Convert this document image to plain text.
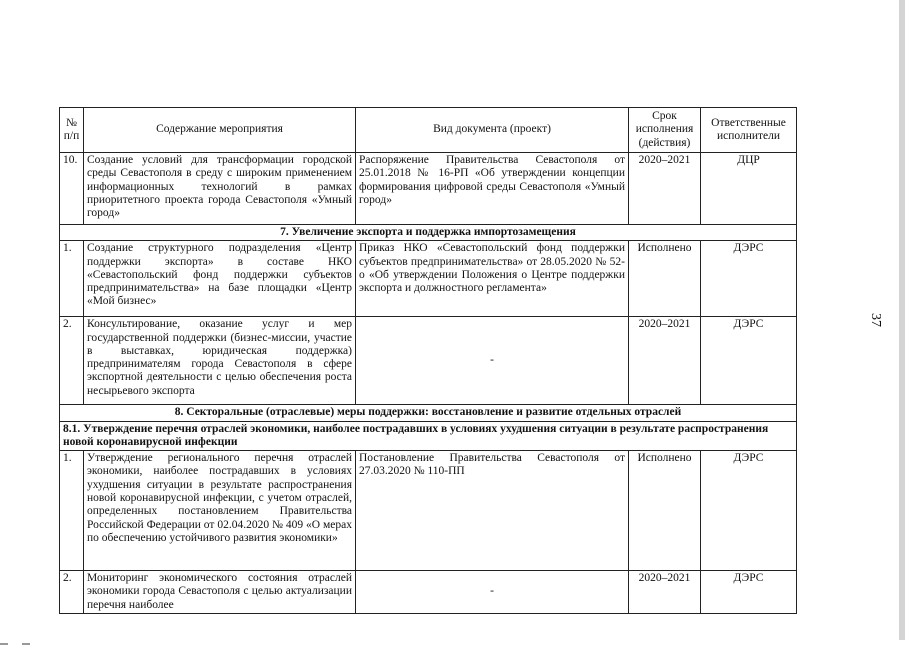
37
№
п/п	Содержание мероприятия	Вид документа (проект)	Срок исполнения (действия)	Ответственные исполнители
10.	Создание условий для трансформации городской среды Севастополя в среду с широким применением информационных технологий в рамках приоритетного проекта города Севастополя «Умный город»	Распоряжение Правительства Севастополя от 25.01.2018 № 16-РП «Об утверждении концепции формирования цифровой среды Севастополя «Умный город»	2020–2021	ДЦР
7. Увеличение экспорта и поддержка импортозамещения				
1.	Создание структурного подразделения «Центр поддержки экспорта» в составе НКО «Севастопольский фонд поддержки субъектов предпринимательства» на базе площадки «Центр «Мой бизнес»	Приказ НКО «Севастопольский фонд поддержки субъектов предпринимательства» от 28.05.2020 № 52-о «Об утверждении Положения о Центре поддержки экспорта и должностного регламента»	Исполнено	ДЭРС
2.	Консультирование, оказание услуг и мер государственной поддержки (бизнес-миссии, участие в выставках, юридическая поддержка) предпринимателям города Севастополя в сфере экспортной деятельности с целью обеспечения роста несырьевого экспорта	-	2020–2021	ДЭРС
8. Секторальные (отраслевые) меры поддержки: восстановление и развитие отдельных отраслей				
8.1. Утверждение перечня отраслей экономики, наиболее пострадавших в условиях ухудшения ситуации в результате распространения новой коронавирусной инфекции				
1.	Утверждение регионального перечня отраслей экономики, наиболее пострадавших в условиях ухудшения ситуации в результате распространения новой коронавирусной инфекции, с учетом отраслей, определенных постановлением Правительства Российской Федерации от 02.04.2020 № 409 «О мерах по обеспечению устойчивого развития экономики»	Постановление Правительства Севастополя от 27.03.2020 № 110-ПП	Исполнено	ДЭРС
2.	Мониторинг экономического состояния отраслей экономики города Севастополя с целью актуализации перечня наиболее	-	2020–2021	ДЭРС
